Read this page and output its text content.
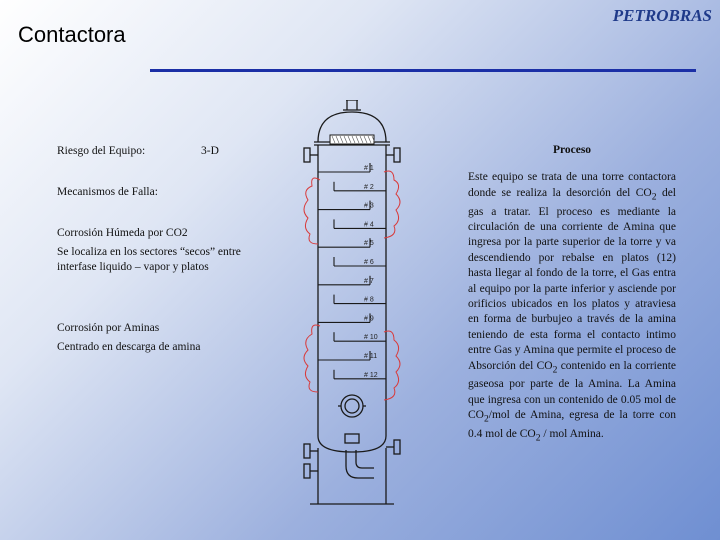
PETROBRAS
Contactora

Riesgo del Equipo:	3-D

Mecanismos de Falla:

Corrosión Húmeda por CO2

Se localiza en los sectores “secos” entre interfase liquido – vapor y platos

Corrosión por Aminas

Centrado en descarga de amina

Proceso
Este equipo se trata de una torre contactora donde se realiza la desorción del $CO_2$ del gas a tratar. El proceso es mediante la circulación de una corriente de Amina que ingresa por la parte superior de la torre y va descendiendo por rebalse en platos (12) hasta llegar al fondo de la torre, el Gas entra al equipo por la parte inferior y asciende por orificios ubicados en los platos y atraviesa en forma de burbujeo a través de la amina teniendo de esta forma el contacto intimo entre Gas y Amina que permite el proceso de Absorción del $CO_2$ contenido en la corriente gaseosa por parte de la Amina. La Amina que ingresa con un contenido de 0.05 mol de $CO_2$/mol de Amina, egresa de la torre con 0.4 mol de $CO_2$ / mol Amina.
# 1
# 2
# 3
# 4
# 5
# 6
# 7
# 8
# 9
# 10
# 11
# 12
